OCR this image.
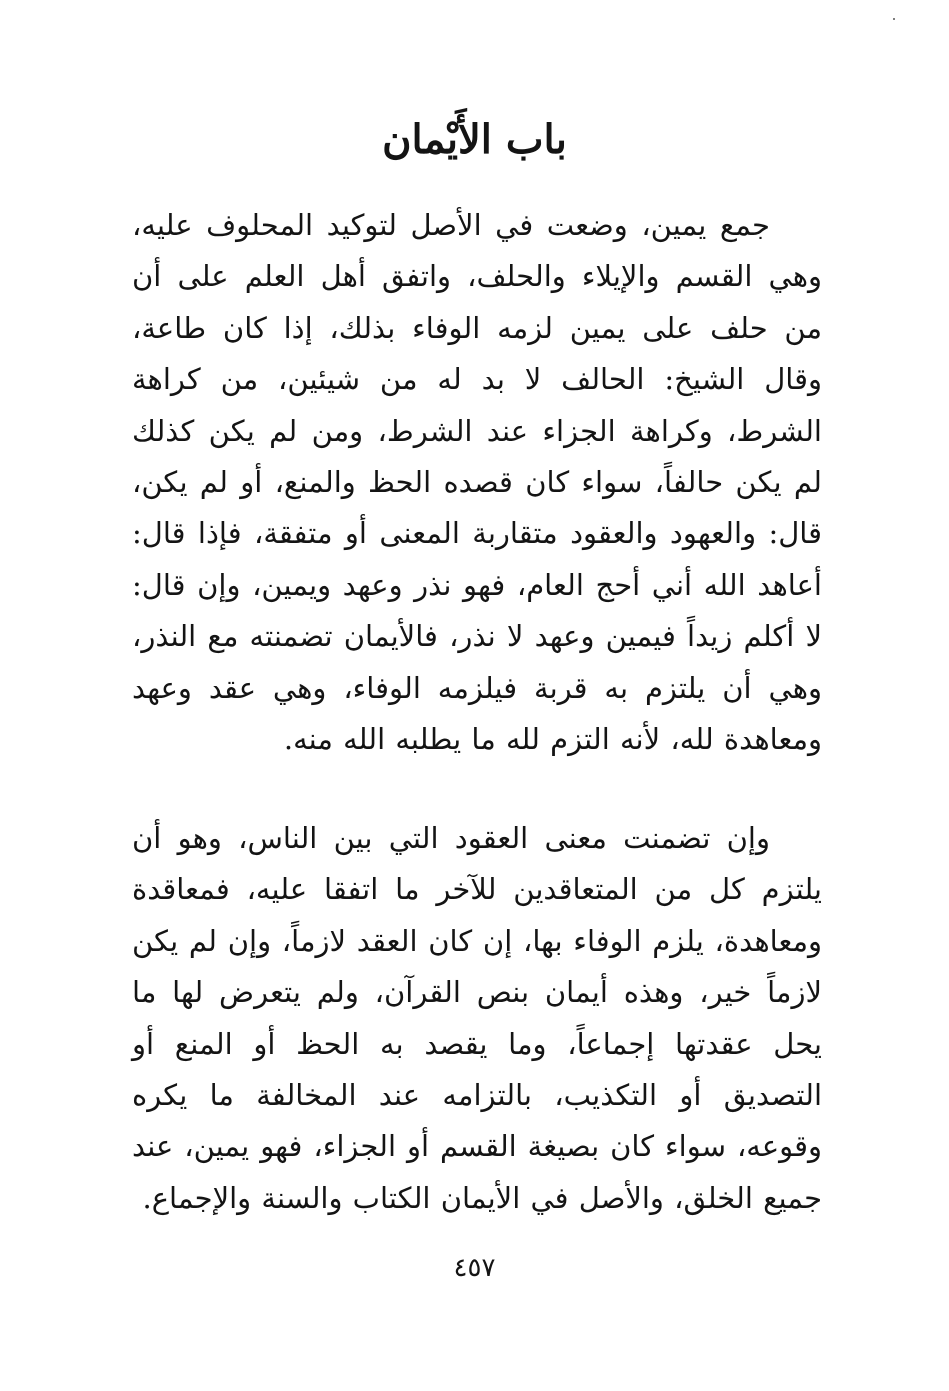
باب الأَيْمان

جمع يمين، وضعت في الأصل لتوكيد المحلوف عليه، وهي القسم والإيلاء والحلف، واتفق أهل العلم على أن من حلف على يمين لزمه الوفاء بذلك، إذا كان طاعة، وقال الشيخ: الحالف لا بد له من شيئين، من كراهة الشرط، وكراهة الجزاء عند الشرط، ومن لم يكن كذلك لم يكن حالفاً، سواء كان قصده الحظ والمنع، أو لم يكن، قال: والعهود والعقود متقاربة المعنى أو متفقة، فإذا قال: أعاهد الله أني أحج العام، فهو نذر وعهد ويمين، وإن قال: لا أكلم زيداً فيمين وعهد لا نذر، فالأيمان تضمنته مع النذر، وهي أن يلتزم به قربة فيلزمه الوفاء، وهي عقد وعهد ومعاهدة لله، لأنه التزم لله ما يطلبه الله منه.

وإن تضمنت معنى العقود التي بين الناس، وهو أن يلتزم كل من المتعاقدين للآخر ما اتفقا عليه، فمعاقدة ومعاهدة، يلزم الوفاء بها، إن كان العقد لازماً، وإن لم يكن لازماً خير، وهذه أيمان بنص القرآن، ولم يتعرض لها ما يحل عقدتها إجماعاً، وما يقصد به الحظ أو المنع أو التصديق أو التكذيب، بالتزامه عند المخالفة ما يكره وقوعه، سواء كان بصيغة القسم أو الجزاء، فهو يمين، عند جميع الخلق، والأصل في الأيمان الكتاب والسنة والإجماع.

٤٥٧
